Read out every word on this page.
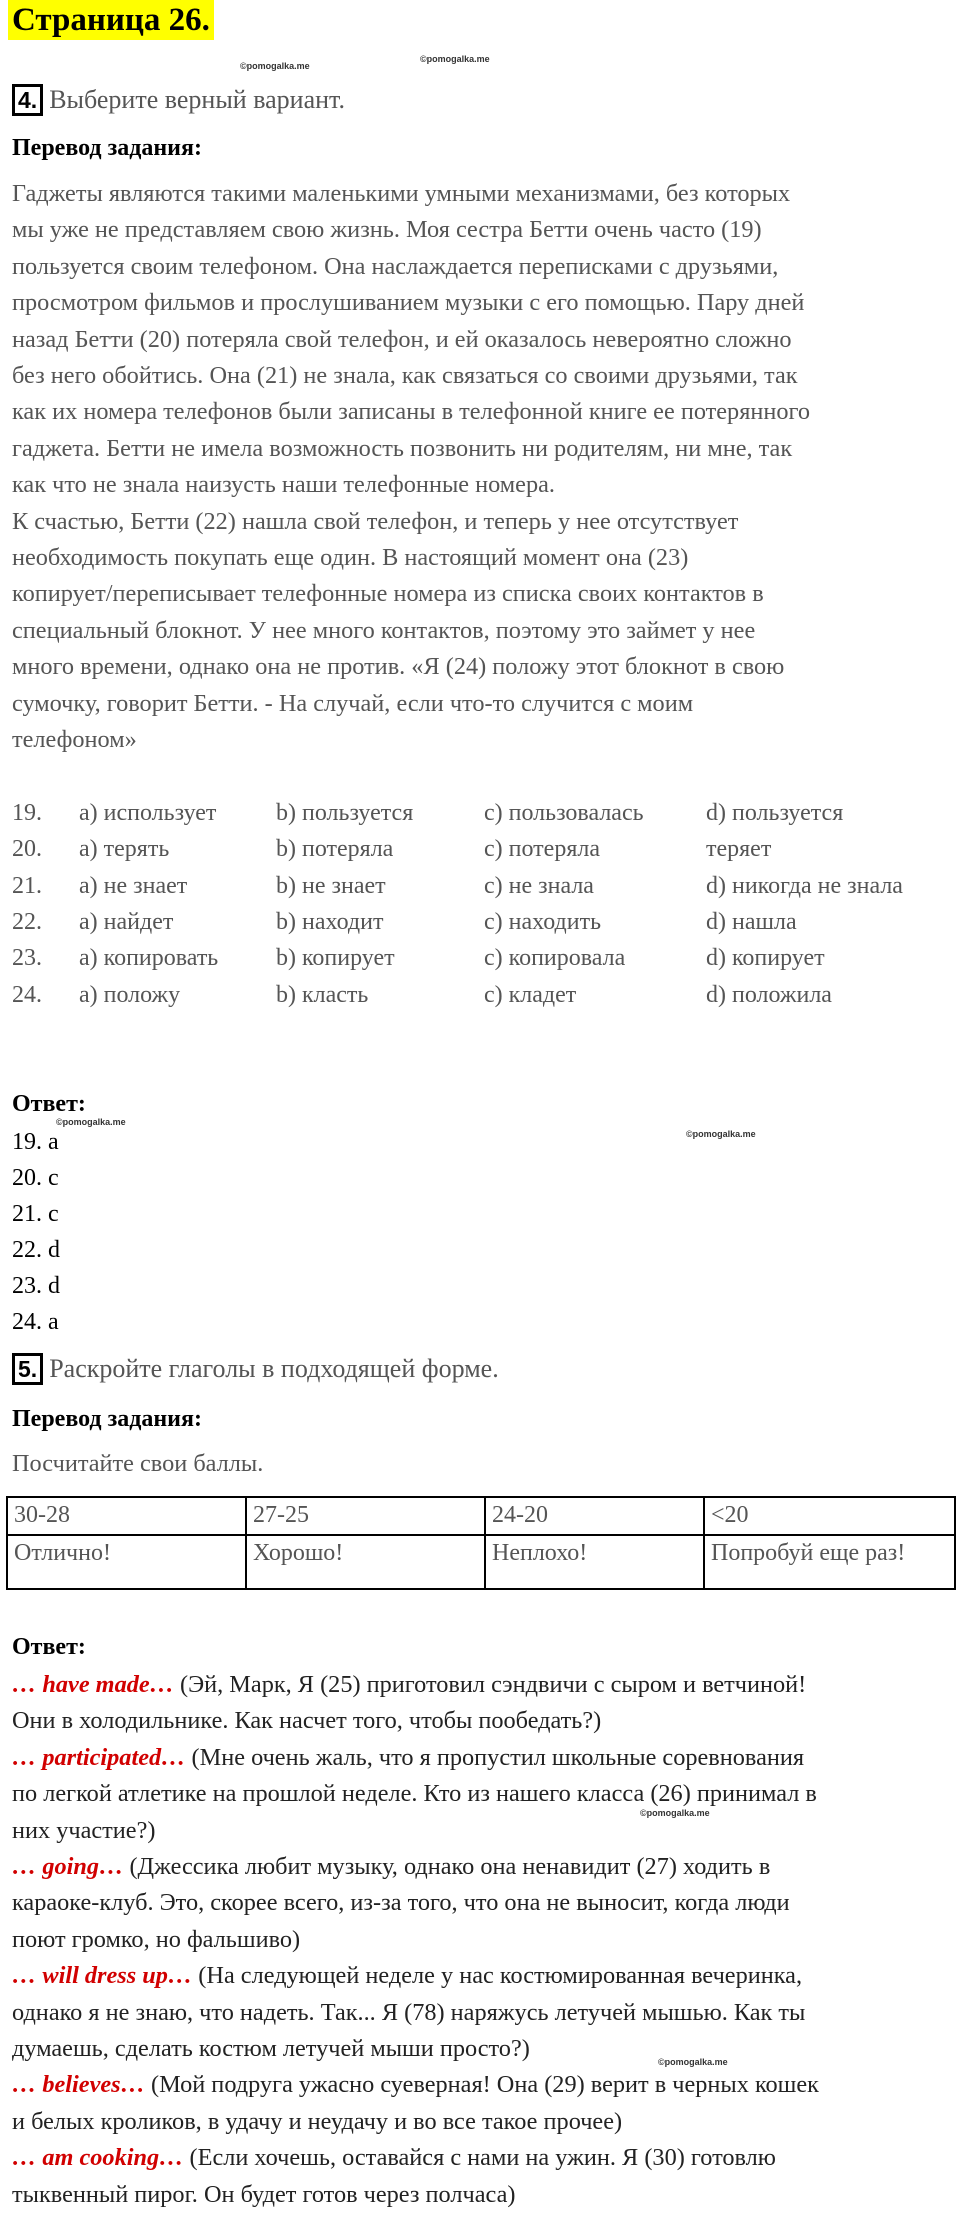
Страница 26.
©pomogalka.me
©pomogalka.me
©pomogalka.me
©pomogalka.me
©pomogalka.me
©pomogalka.me
4. Выберите верный вариант.
Перевод задания:
Гаджеты являются такими маленькими умными механизмами, без которых
мы уже не представляем свою жизнь. Моя сестра Бетти очень часто (19)
пользуется своим телефоном. Она наслаждается переписками с друзьями,
просмотром фильмов и прослушиванием музыки с его помощью. Пару дней
назад Бетти (20) потеряла свой телефон, и ей оказалось невероятно сложно
без него обойтись. Она (21) не знала, как связаться со своими друзьями, так
как их номера телефонов были записаны в телефонной книге ее потерянного
гаджета. Бетти не имела возможность позвонить ни родителям, ни мне, так
как что не знала наизусть наши телефонные номера.
К счастью, Бетти (22) нашла свой телефон, и теперь у нее отсутствует
необходимость покупать еще один. В настоящий момент она (23)
копирует/переписывает телефонные номера из списка своих контактов в
специальный блокнот. У нее много контактов, поэтому это займет у нее
много времени, однако она не против. «Я (24) положу этот блокнот в свою
сумочку, говорит Бетти. - На случай, если что-то случится с моим
телефоном»
19. a) использует b) пользуется	c) пользовалась	d) пользуется
20. a) терять	b) потеряла	c) потеряла	теряет
21. a) не знает	b) не знает	c) не знала	d) никогда не знала
22. a) найдет	b) находит	c) находить	d) нашла
23. a) копировать b) копирует	c) копировала	d) копирует
24. a) положу	b) класть	c) кладет	d) положила
Ответ:
19. a
20. c
21. c
22. d
23. d
24. a
5. Раскройте глаголы в подходящей форме.
Перевод задания:
Посчитайте свои баллы.
30-28	27-25	24-20	<20
Отлично!	Хорошо!	Неплохо!	Попробуй еще раз!
Ответ:
… have made… (Эй, Марк, Я (25) приготовил сэндвичи с сыром и ветчиной!
Они в холодильнике. Как насчет того, чтобы пообедать?)
… participated… (Мне очень жаль, что я пропустил школьные соревнования
по легкой атлетике на прошлой неделе. Кто из нашего класса (26) принимал в
них участие?)
… going… (Джессика любит музыку, однако она ненавидит (27) ходить в
караоке-клуб. Это, скорее всего, из-за того, что она не выносит, когда люди
поют громко, но фальшиво)
… will dress up… (На следующей неделе у нас костюмированная вечеринка,
однако я не знаю, что надеть. Так... Я (78) наряжусь летучей мышью. Как ты
думаешь, сделать костюм летучей мыши просто?)
… believes… (Мой подруга ужасно суеверная! Она (29) верит в черных кошек
и белых кроликов, в удачу и неудачу и во все такое прочее)
… am cooking… (Если хочешь, оставайся с нами на ужин. Я (30) готовлю
тыквенный пирог. Он будет готов через полчаса)
